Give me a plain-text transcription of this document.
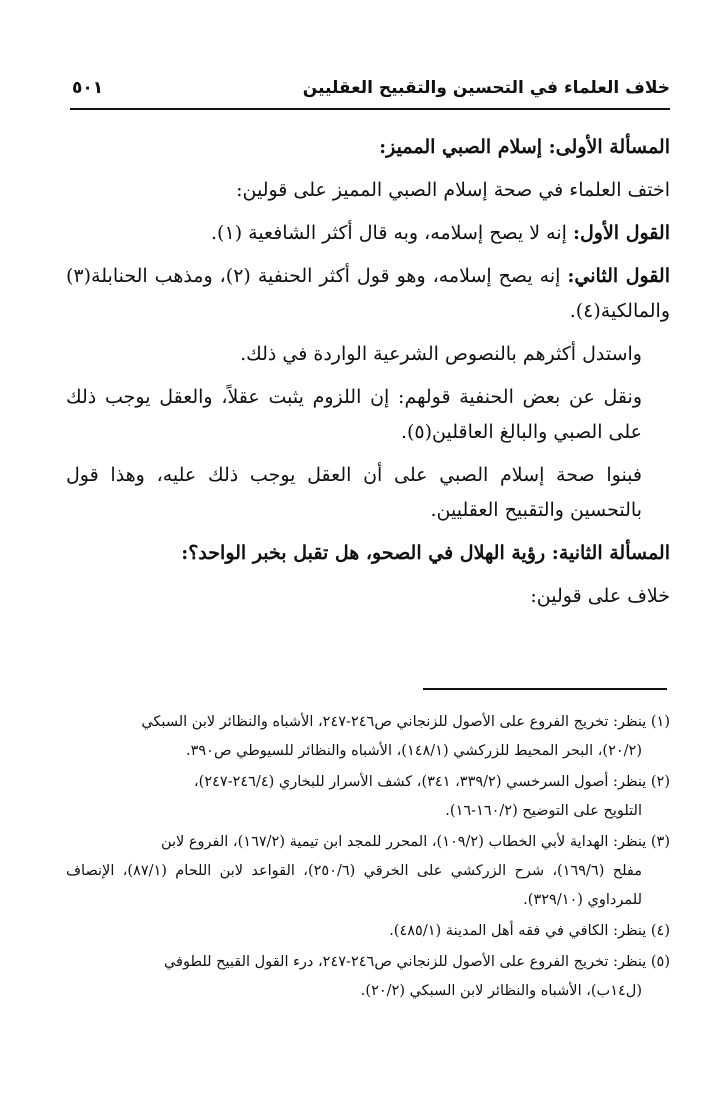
خلاف العلماء في التحسين والتقبيح العقليين
٥٠١

المسألة الأولى: إسلام الصبي المميز:

اختف العلماء في صحة إسلام الصبي المميز على قولين:

القول الأول: إنه لا يصح إسلامه، وبه قال أكثر الشافعية (١).

القول الثاني: إنه يصح إسلامه، وهو قول أكثر الحنفية (٢)، ومذهب الحنابلة(٣) والمالكية(٤).

واستدل أكثرهم بالنصوص الشرعية الواردة في ذلك.

ونقل عن بعض الحنفية قولهم: إن اللزوم يثبت عقلاً، والعقل يوجب ذلك على الصبي والبالغ العاقلين(٥).

فبنوا صحة إسلام الصبي على أن العقل يوجب ذلك عليه، وهذا قول بالتحسين والتقبيح العقليين.

المسألة الثانية: رؤية الهلال في الصحو، هل تقبل بخبر الواحد؟:

خلاف على قولين:

(١) ينظر: تخريج الفروع على الأصول للزنجاني ص٢٤٦-٢٤٧، الأشباه والنظائر لابن السبكي
(٢٠/٢)، البحر المحيط للزركشي (١٤٨/١)، الأشباه والنظائر للسيوطي ص٣٩٠.

(٢) ينظر: أصول السرخسي (٣٣٩/٢، ٣٤١)، كشف الأسرار للبخاري (٢٤٦/٤-٢٤٧)،
التلويح على التوضيح (١٦٠/٢-١٦).

(٣) ينظر: الهداية لأبي الخطاب (١٠٩/٢)، المحرر للمجد ابن تيمية (١٦٧/٢)، الفروع لابن
مفلح (١٦٩/٦)، شرح الزركشي على الخرقي (٢٥٠/٦)، القواعد لابن اللحام (٨٧/١)، الإنصاف للمرداوي (٣٢٩/١٠).

(٤) ينظر: الكافي في فقه أهل المدينة (٤٨٥/١).

(٥) ينظر: تخريج الفروع على الأصول للزنجاني ص٢٤٦-٢٤٧، درء القول القبيح للطوفي
(ل١٤ب)، الأشباه والنظائر لابن السبكي (٢٠/٢).
